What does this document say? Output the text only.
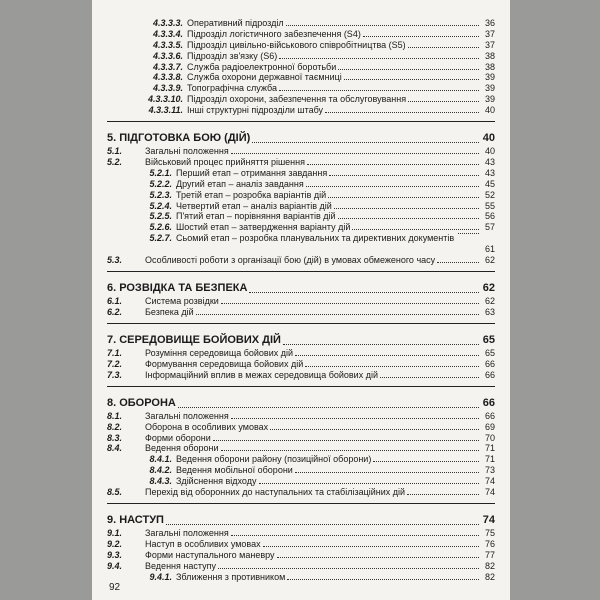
4.3.3.3. Оперативний підрозділ	36
4.3.3.4. Підрозділ логістичного забезпечення (S4)	37
4.3.3.5. Підрозділ цивільно-військового співробітництва (S5)	37
4.3.3.6. Підрозділ зв'язку (S6)	38
4.3.3.7. Служба радіоелектронної боротьби	38
4.3.3.8. Служба охорони державної таємниці	39
4.3.3.9. Топографічна служба	39
4.3.3.10. Підрозділ охорони, забезпечення та обслуговування	39
4.3.3.11. Інші структурні підрозділи штабу	40
5. ПІДГОТОВКА БОЮ (ДІЙ)	40
5.1.	Загальні положення	40
5.2.	Військовий процес прийняття рішення	43
5.2.1. Перший етап – отримання завдання	43
5.2.2. Другий етап – аналіз завдання	45
5.2.3. Третій етап – розробка варіантів дій	52
5.2.4. Четвертий етап – аналіз варіантів дій	55
5.2.5. П'ятий етап – порівняння варіантів дій	56
5.2.6. Шостий етап – затвердження варіанту дій	57
5.2.7. Сьомий етап – розробка планувальних та директивних документів
61
5.3.	Особливості роботи з організації бою (дій) в умовах обмеженого часу	62
6. РОЗВІДКА ТА БЕЗПЕКА	62
6.1.	Система розвідки	62
6.2.	Безпека дій	63
7. СЕРЕДОВИЩЕ БОЙОВИХ ДІЙ	65
7.1.	Розуміння середовища бойових дій	65
7.2.	Формування середовища бойових дій	66
7.3.	Інформаційний вплив в межах середовища бойових дій	66
8. ОБОРОНА	66
8.1.	Загальні положення	66
8.2.	Оборона в особливих умовах	69
8.3.	Форми оборони	70
8.4.	Ведення оборони	71
8.4.1. Ведення оборони району (позиційної оборони)	71
8.4.2. Ведення мобільної оборони	73
8.4.3. Здійснення відходу	74
8.5.	Перехід від оборонних до наступальних та стабілізаційних дій	74
9. НАСТУП	74
9.1.	Загальні положення	75
9.2.	Наступ в особливих умовах	76
9.3.	Форми наступального маневру	77
9.4.	Ведення наступу	82
9.4.1. Зближення з противником	82
92
